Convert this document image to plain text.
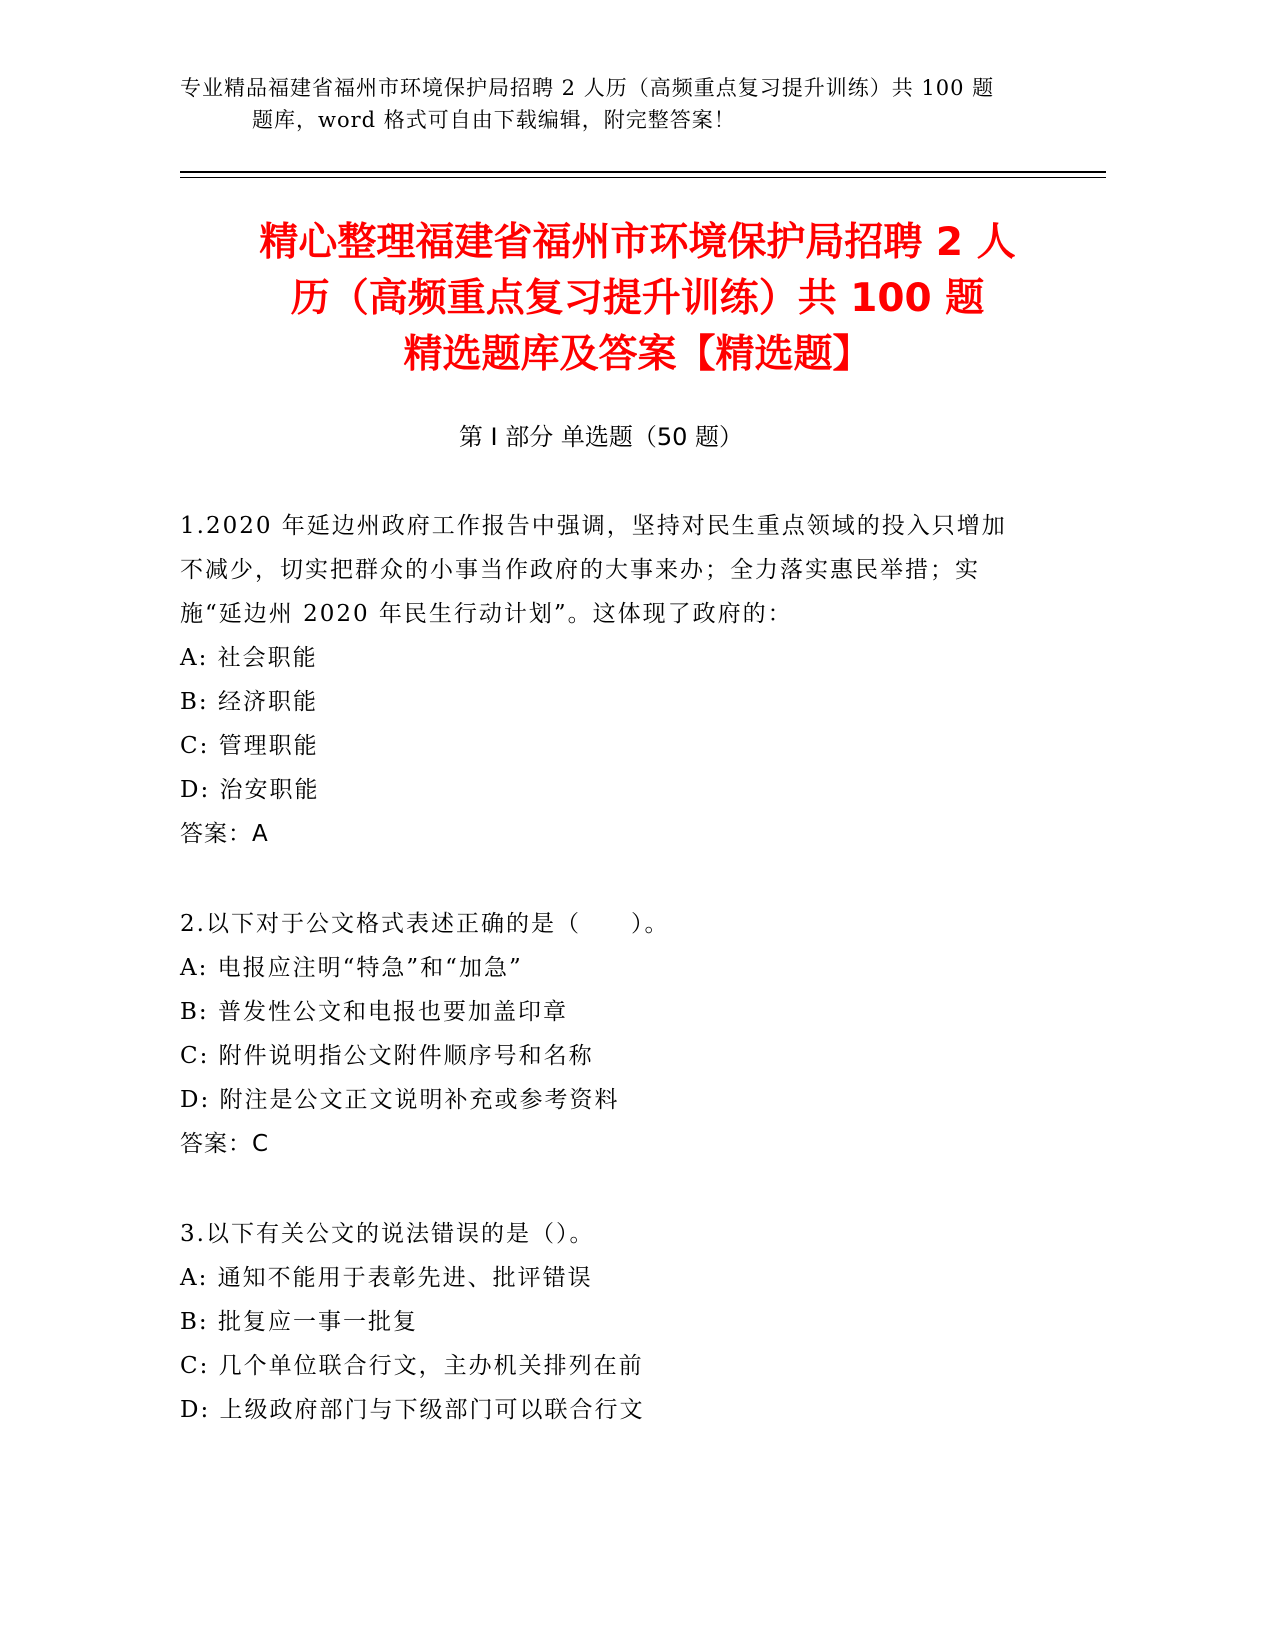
专业精品福建省福州市环境保护局招聘 2 人历（高频重点复习提升训练）共 100 题
题库，word 格式可自由下载编辑，附完整答案！
精心整理福建省福州市环境保护局招聘 2 人
历（高频重点复习提升训练）共 100 题
精选题库及答案【精选题】
第 I 部分 单选题（50 题）
1.2020 年延边州政府工作报告中强调，坚持对民生重点领域的投入只增加不减少，切实把群众的小事当作政府的大事来办；全力落实惠民举措；实施“延边州 2020 年民生行动计划”。这体现了政府的：
A: 社会职能
B: 经济职能
C: 管理职能
D: 治安职能
答案：A
2.以下对于公文格式表述正确的是（　　）。
A: 电报应注明“特急”和“加急”
B: 普发性公文和电报也要加盖印章
C: 附件说明指公文附件顺序号和名称
D: 附注是公文正文说明补充或参考资料
答案：C
3.以下有关公文的说法错误的是（）。
A: 通知不能用于表彰先进、批评错误
B: 批复应一事一批复
C: 几个单位联合行文，主办机关排列在前
D: 上级政府部门与下级部门可以联合行文
